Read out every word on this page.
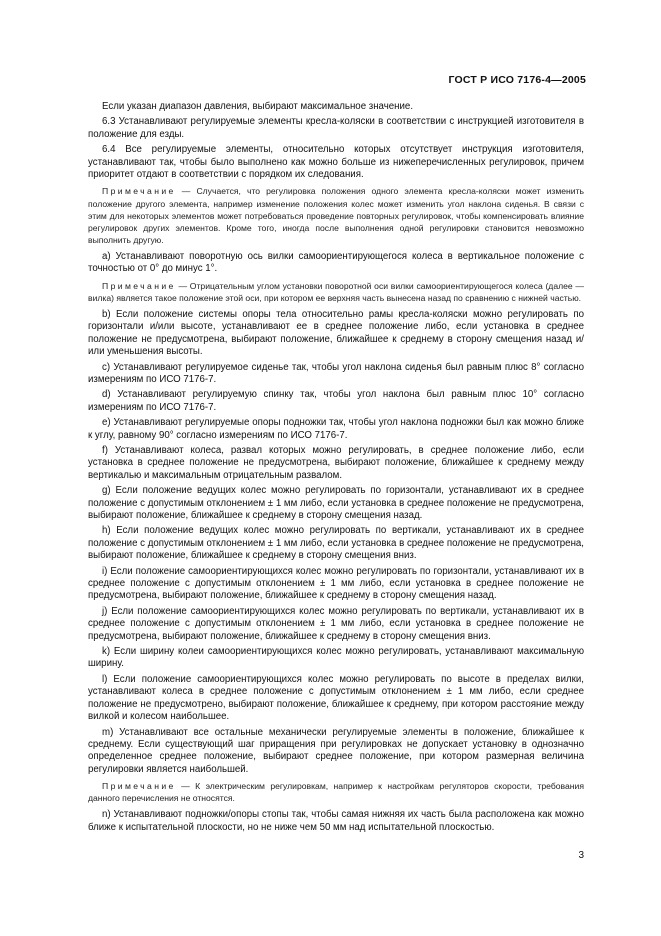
ГОСТ Р ИСО 7176-4—2005

Если указан диапазон давления, выбирают максимальное значение.

6.3 Устанавливают регулируемые элементы кресла-коляски в соответствии с инструкцией изготовителя в положение для езды.

6.4 Все регулируемые элементы, относительно которых отсутствует инструкция изготовителя, устанавливают так, чтобы было выполнено как можно больше из нижеперечисленных регулировок, причем приоритет отдают в соответствии с порядком их следования.

Примечание — Случается, что регулировка положения одного элемента кресла-коляски может изменить положение другого элемента, например изменение положения колес может изменить угол наклона сиденья. В связи с этим для некоторых элементов может потребоваться проведение повторных регулировок, чтобы компенсировать влияние регулировок других элементов. Кроме того, иногда после выполнения одной регулировки становится невозможно выполнить другую.

a) Устанавливают поворотную ось вилки самоориентирующегося колеса в вертикальное положение с точностью от 0° до минус 1°.

Примечание — Отрицательным углом установки поворотной оси вилки самоориентирующегося колеса (далее — вилка) является такое положение этой оси, при котором ее верхняя часть вынесена назад по сравнению с нижней частью.

b) Если положение системы опоры тела относительно рамы кресла-коляски можно регулировать по горизонтали и/или высоте, устанавливают ее в среднее положение либо, если установка в среднее положение не предусмотрена, выбирают положение, ближайшее к среднему в сторону смещения назад и/ или уменьшения высоты.

c) Устанавливают регулируемое сиденье так, чтобы угол наклона сиденья был равным плюс 8° согласно измерениям по ИСО 7176-7.

d) Устанавливают регулируемую спинку так, чтобы угол наклона был равным плюс 10° согласно измерениям по ИСО 7176-7.

e) Устанавливают регулируемые опоры подножки так, чтобы угол наклона подножки был как можно ближе к углу, равному 90° согласно измерениям по ИСО 7176-7.

f) Устанавливают колеса, развал которых можно регулировать, в среднее положение либо, если установка в среднее положение не предусмотрена, выбирают положение, ближайшее к среднему между вертикалью и максимальным отрицательным развалом.

g) Если положение ведущих колес можно регулировать по горизонтали, устанавливают их в среднее положение с допустимым отклонением ± 1 мм либо, если установка в среднее положение не предусмотрена, выбирают положение, ближайшее к среднему в сторону смещения назад.

h) Если положение ведущих колес можно регулировать по вертикали, устанавливают их в среднее положение с допустимым отклонением ± 1 мм либо, если установка в среднее положение не предусмотрена, выбирают положение, ближайшее к среднему в сторону смещения вниз.

i) Если положение самоориентирующихся колес можно регулировать по горизонтали, устанавливают их в среднее положение с допустимым отклонением ± 1 мм либо, если установка в среднее положение не предусмотрена, выбирают положение, ближайшее к среднему в сторону смещения назад.

j) Если положение самоориентирующихся колес можно регулировать по вертикали, устанавливают их в среднее положение с допустимым отклонением ± 1 мм либо, если установка в среднее положение не предусмотрена, выбирают положение, ближайшее к среднему в сторону смещения вниз.

k) Если ширину колеи самоориентирующихся колес можно регулировать, устанавливают максимальную ширину.

l) Если положение самоориентирующихся колес можно регулировать по высоте в пределах вилки, устанавливают колеса в среднее положение с допустимым отклонением ± 1 мм либо, если среднее положение не предусмотрено, выбирают положение, ближайшее к среднему, при котором расстояние между вилкой и колесом наибольшее.

m) Устанавливают все остальные механически регулируемые элементы в положение, ближайшее к среднему. Если существующий шаг приращения при регулировках не допускает установку в однозначно определенное среднее положение, выбирают среднее положение, при котором размерная величина регулировки является наибольшей.

Примечание — К электрическим регулировкам, например к настройкам регуляторов скорости, требования данного перечисления не относятся.

n) Устанавливают подножки/опоры стопы так, чтобы самая нижняя их часть была расположена как можно ближе к испытательной плоскости, но не ниже чем 50 мм над испытательной плоскостью.

3
